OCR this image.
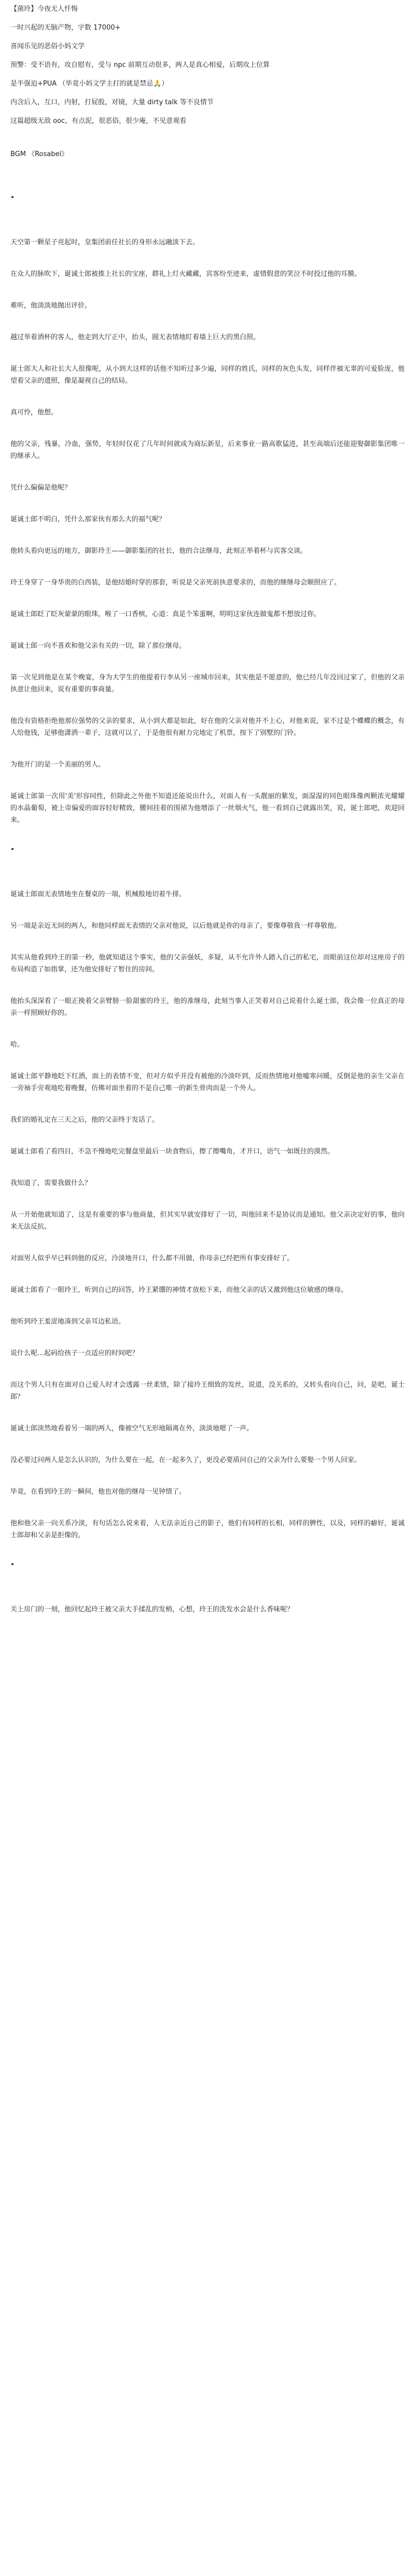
【菌玲】今夜无人忏悔
一时兴起的无脑产物，字数 17000+
喜闻乐见的恶俗小妈文学
预警：受不语有，攻自慰有，受与 npc 前期互动很多，两人是真心相爱，后期攻上位算
是半强迫+PUA （毕竟小妈文学主打的就是禁忌🙏）
内含后入，互口，内射，打屁股，对镜，大量 dirty talk 等不良情节
这篇超级无敌 ooc，有点泥，很恶俗，很少庵，不见意观看
BGM 《Rosabel》

天空第一颗星子亮起时，皇集团前任社长的身形永远融淡下去。

在众人的脉吹下，诞诚士郎被推上社长的宝座，群礼上灯火藏藏，宾客纷至迹来，虚情假意的笑泣不时投过他的耳膜。

难听，他淡淡地抛出评价。

越过举着酒杯的客人，他走到大厅正中，抬头，圆无表情地盯着墙上巨大的黑白照。

诞士郎大人和社长大人很像呢，从小到大这样的话他不知听过多少遍，同样的姓氏，同样的灰色头发，同样伴被无辜的可爱脸庞，他望着父亲的遗照，像是凝视自己的结局。

真可怜，他想。

他的父亲，残暴，冷血，强势，年轻时仅花了几年时间就成为商坛新星，后来事业一路高歌猛进，甚至高端后还能迎娶御影集团唯一的继承人。

凭什么偏偏是他呢？

诞诚士郎不明白，凭什么那家伙有那么大的福气呢？

他转头看向更远的地方，御影玲王——御影集团的社长，他的合法继母，此刻正举着杯与宾客交谈。

玲王身穿了一身华贵的白西装，是他结婚时穿的那套，听说是父亲死前执意要求的，而他的继继母会顺照应了。

诞诚士郎眨了眨灰蒙蒙的眼珠，喉了一口香槟，心道：真是个笨蛋啊，明明这家伙连做鬼都不想放过你。

诞诚士郎一向不喜欢和他父亲有关的一切，除了那位继母。

第一次见到他是在某个晚宴，身为大学生的他提着行李从另一座城市回来，其实他是不愿意的，他已经几年没回过家了，但他的父亲执意让他回来，说有重要的事商量。

他没有资格拒绝他那位强势的父亲的要求，从小到大都是如此，好在他的父亲对他并不上心，对他来说，家不过是个蝶蝶的概念，有人给他钱，足够他潇洒一辈子，这就可以了，于是他很有耐力完地定了机票，按下了别墅的门铃。

为他开门的是一个美丽的男人。

诞诚士郎第一次用'美'形容同性，但除此之外他不知道还能说出什么，对面人有一头靓丽的紫发，面湿湿的同色眼珠像两颗浓光耀耀的水晶葡萄，被上帝偏爱的面容轻好精致，腰间挂着的围裙为他增添了一丝烟火气，他一看到自己就露出笑，说，诞士郎吧，欢迎回来。

诞诚士郎面无表情地坐在餐桌的一端，机械般地切着牛排。

另一端是亲近无间的两人，和他同样面无表情的父亲对他说，以后他就是你的母亲了，要像尊敬我一样尊敬他。

其实从他看到玲王的第一秒，他就知道这个事实，他的父亲强妖，多疑，从不允许外人踏入自己的私宅，而眼前这位却对这座房子的布局构造了如指掌，还为他安排好了暂住的房间。

他抬头深深看了一眼正挽着父亲臂膀一脸甜蜜的玲王，他的准继母，此刻当事人正笑着对自己说着什么诞士郎，我会像一位真正的母亲一样照顾好你的。

哈。

诞诚士郎平静地眨下红酒，面上的表情不变，但对方似乎并没有被他的冷淡吓到，反而热情地对他嘘寒问暖，反倒是他的亲生父亲在一旁袖手旁观地吃着晚餐，仿佛对面坐着的不是自己唯一的新生骨肉而是一个外人。

我们的婚礼定在三天之后，他的父亲终于发话了。

诞诚士郎看了看四目，不急不慢地吃完餐盘里最后一块食物后，擦了擦嘴角，才开口，语气一如既往的漠然。

我知道了，需要我做什么？

从一开始他就知道了，这是有重要的事与他商量，但其实早就安排好了一切，叫他回来不是协议而是通知。他父亲决定好的事，他向来无法反抗。

对面男人似乎早已料到他的反应，泠淡地开口，什么都不用做，你母亲已经把所有事安排好了。

诞诚士郎看了一眼玲王，听到自己的回答，玲王紧绷的神情才放松下来，而他父亲的话又激到他这位敏感的继母。

他听到玲王羞涩地凑到父亲耳边私语。

说什么呢…起码给孩子一点适应的时间吧？

而这个男人只有在面对自己爱人时才会透露一丝柔情，除了接玲王细致的发丝，说道，没关系的，又转头看向自己，问，是吧，诞士郎？

诞诚士郎淡然地看着另一端的两人，像被空气无形地隔离在外，淡淡地嗯了一声。

没必要过问两人是怎么认识的，为什么要在一起，在一起多久了，更没必要质问自己的父亲为什么要娶一个男人回家。

毕竟，在看到玲王的一瞬间，他也对他的继母一见钟情了。

他和他父亲一向关系冷淡，有句话怎么说来着，人无法亲近自己的影子，他们有同样的长相，同样的脾性，以及，同样的癖好，诞诚士郎却和父亲是拒像的。

关上房门的一刻，他回忆起玲王被父亲大手揉乱的发梢，心想，玲王的洗发水会是什么香味呢？
